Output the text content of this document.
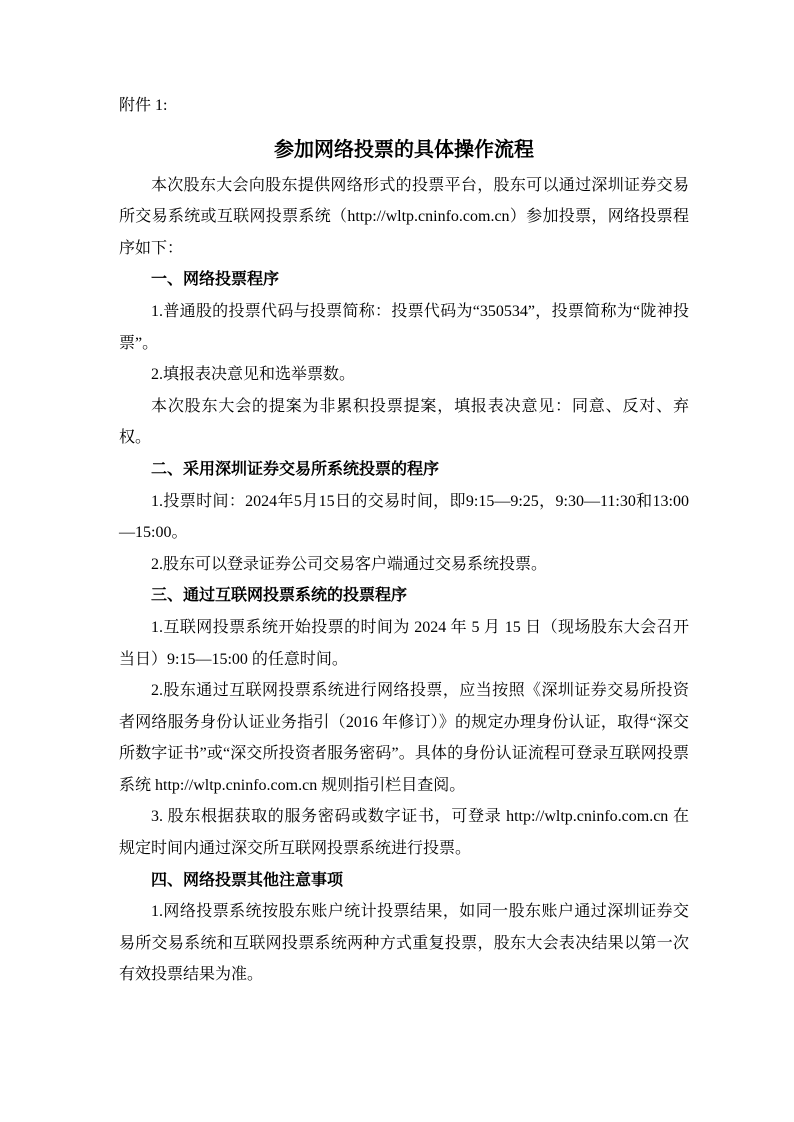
附件 1:

参加网络投票的具体操作流程

本次股东大会向股东提供网络形式的投票平台，股东可以通过深圳证券交易所交易系统或互联网投票系统（http://wltp.cninfo.com.cn）参加投票，网络投票程序如下：

一、网络投票程序

1.普通股的投票代码与投票简称：投票代码为“350534”，投票简称为“陇神投票”。

2.填报表决意见和选举票数。

本次股东大会的提案为非累积投票提案，填报表决意见：同意、反对、弃权。

二、采用深圳证券交易所系统投票的程序

1.投票时间：2024年5月15日的交易时间，即9:15—9:25，9:30—11:30和13:00—15:00。

2.股东可以登录证券公司交易客户端通过交易系统投票。

三、通过互联网投票系统的投票程序

1.互联网投票系统开始投票的时间为 2024 年 5 月 15 日（现场股东大会召开当日）9:15—15:00 的任意时间。

2.股东通过互联网投票系统进行网络投票，应当按照《深圳证券交易所投资者网络服务身份认证业务指引（2016 年修订）》的规定办理身份认证，取得“深交所数字证书”或“深交所投资者服务密码”。具体的身份认证流程可登录互联网投票系统 http://wltp.cninfo.com.cn 规则指引栏目查阅。

3. 股东根据获取的服务密码或数字证书，可登录 http://wltp.cninfo.com.cn 在规定时间内通过深交所互联网投票系统进行投票。

四、网络投票其他注意事项

1.网络投票系统按股东账户统计投票结果，如同一股东账户通过深圳证券交易所交易系统和互联网投票系统两种方式重复投票，股东大会表决结果以第一次有效投票结果为准。
